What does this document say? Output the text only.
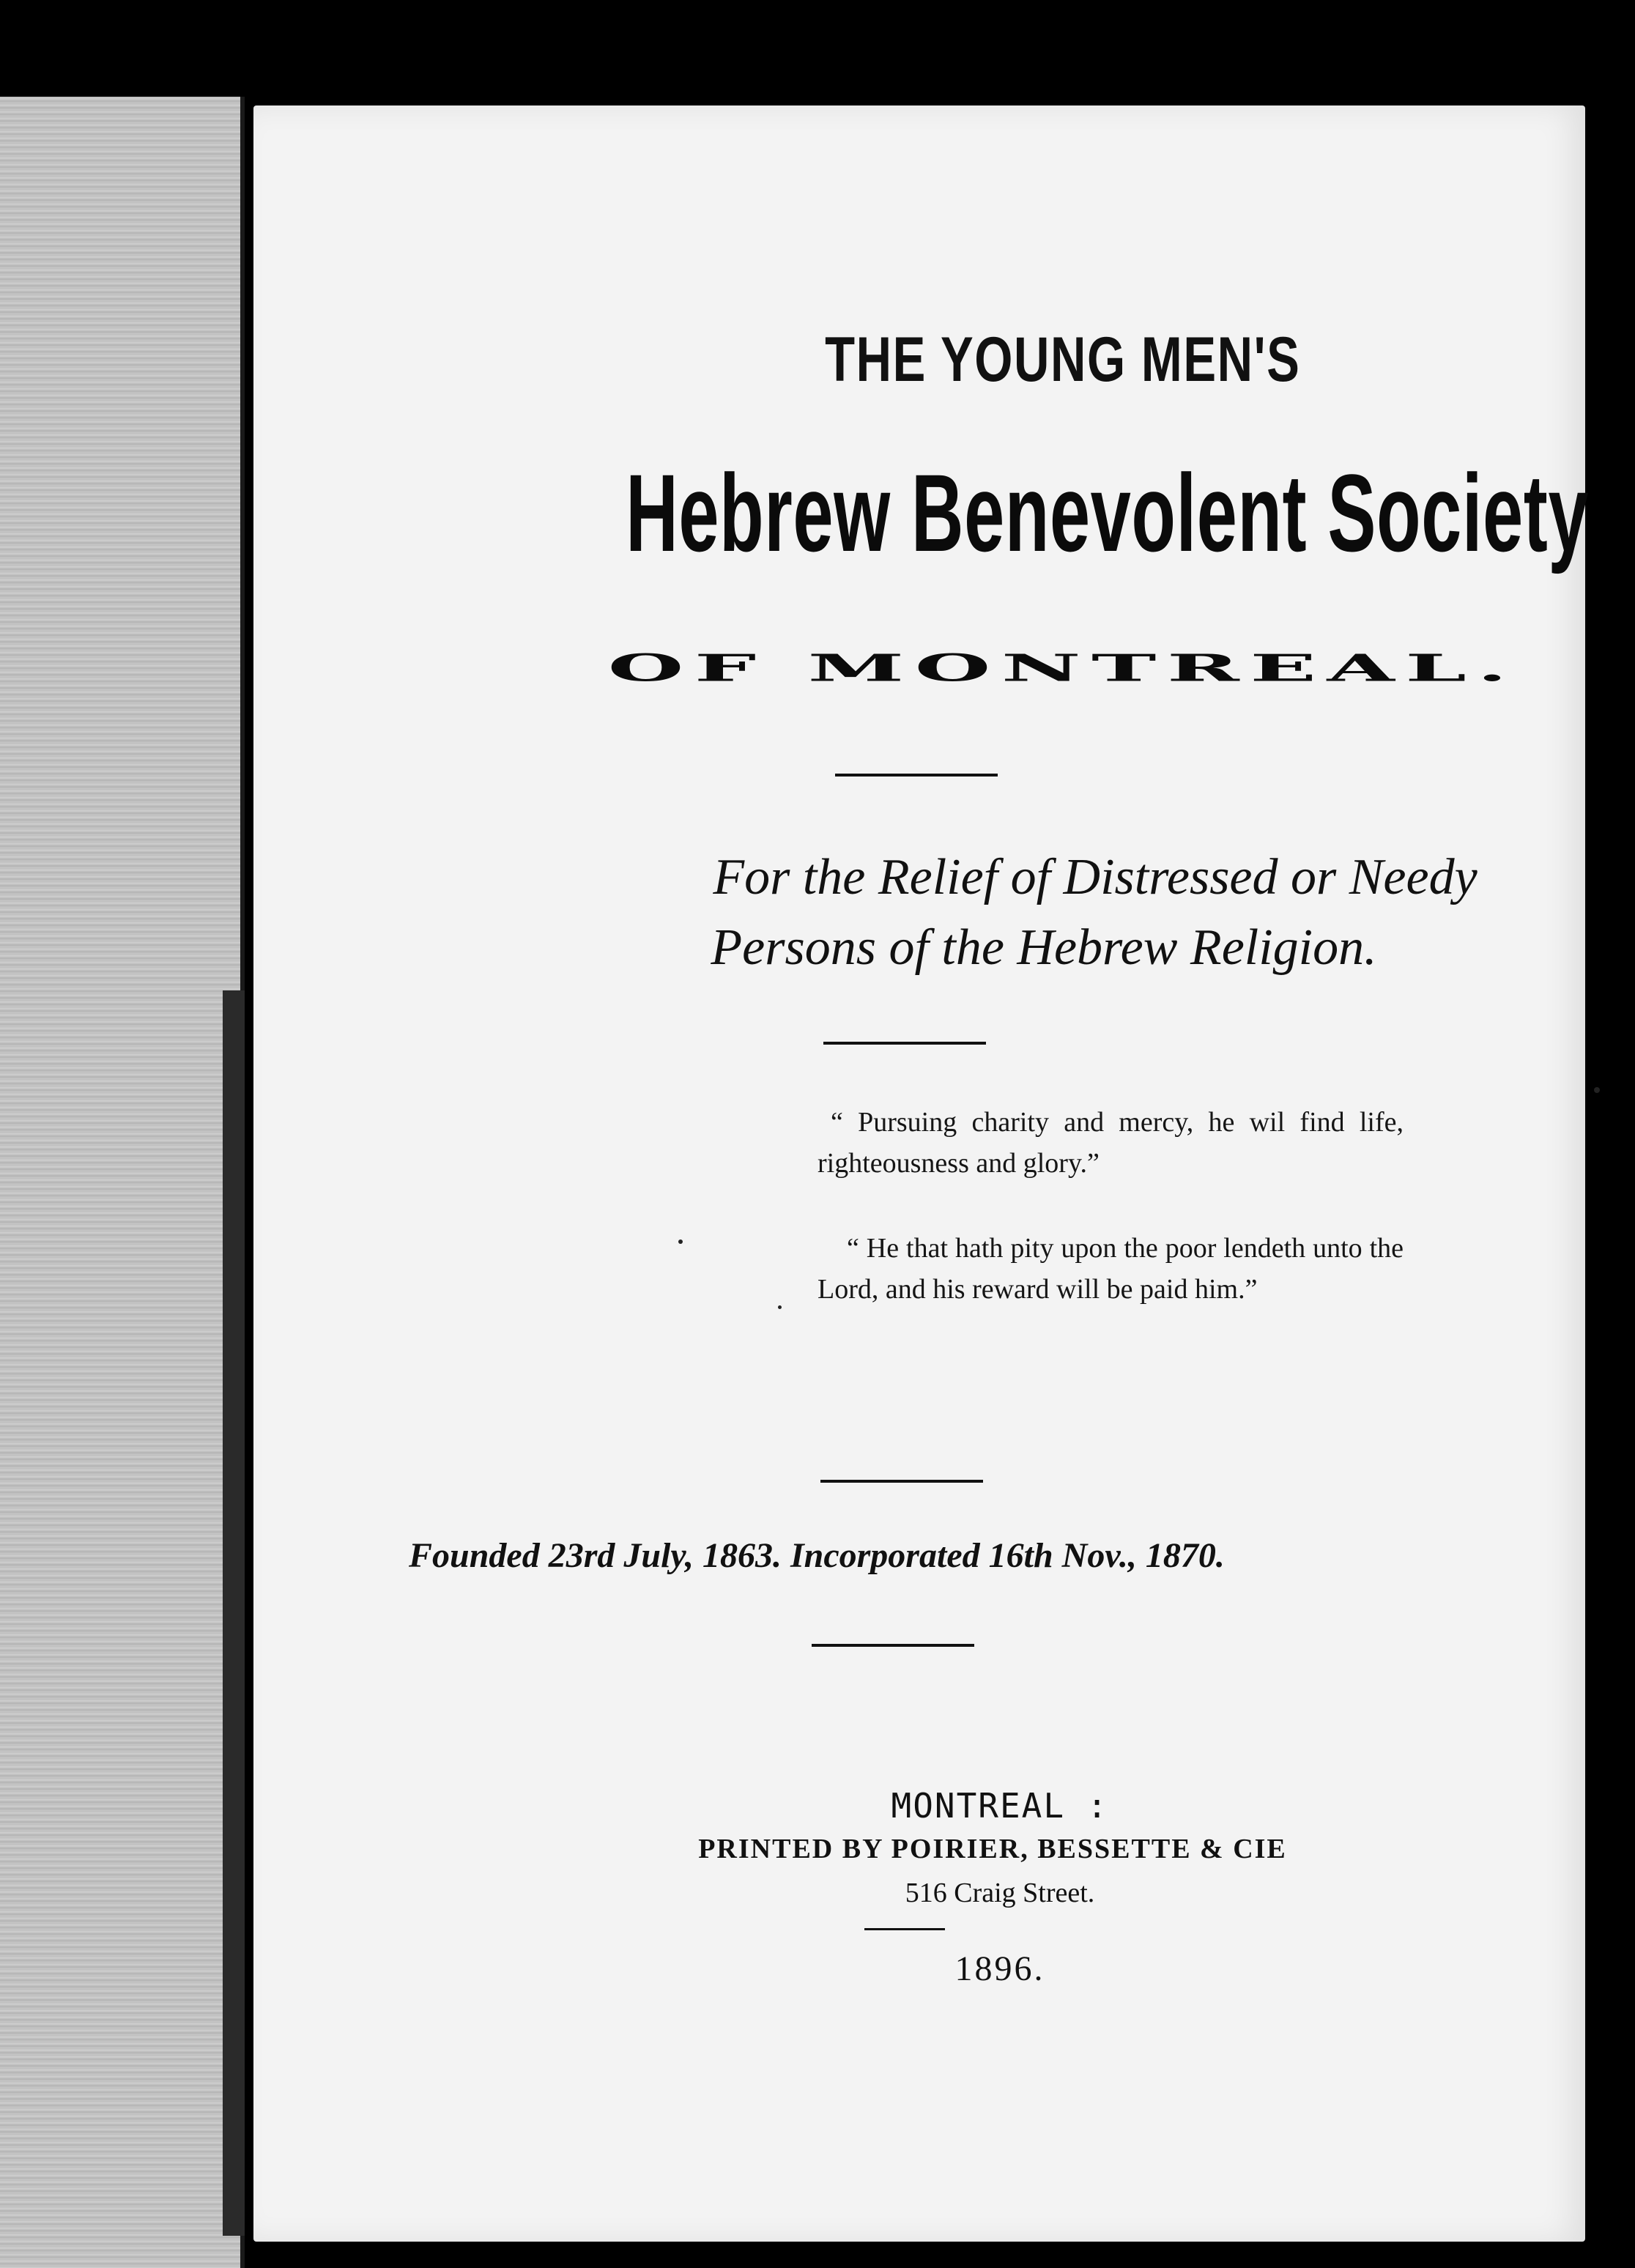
THE YOUNG MEN'S
Hebrew Benevolent Society
OF MONTREAL.
For the Relief of Distressed or Needy
Persons of the Hebrew Religion.
“ Pursuing charity and mercy, he wil find life, righteousness and glory.”
“ He that hath pity upon the poor lendeth unto the Lord, and his reward will be paid him.”
Founded 23rd July, 1863. Incorporated 16th Nov., 1870.
MONTREAL :
PRINTED BY POIRIER, BESSETTE & CIE
516 Craig Street.
1896.
